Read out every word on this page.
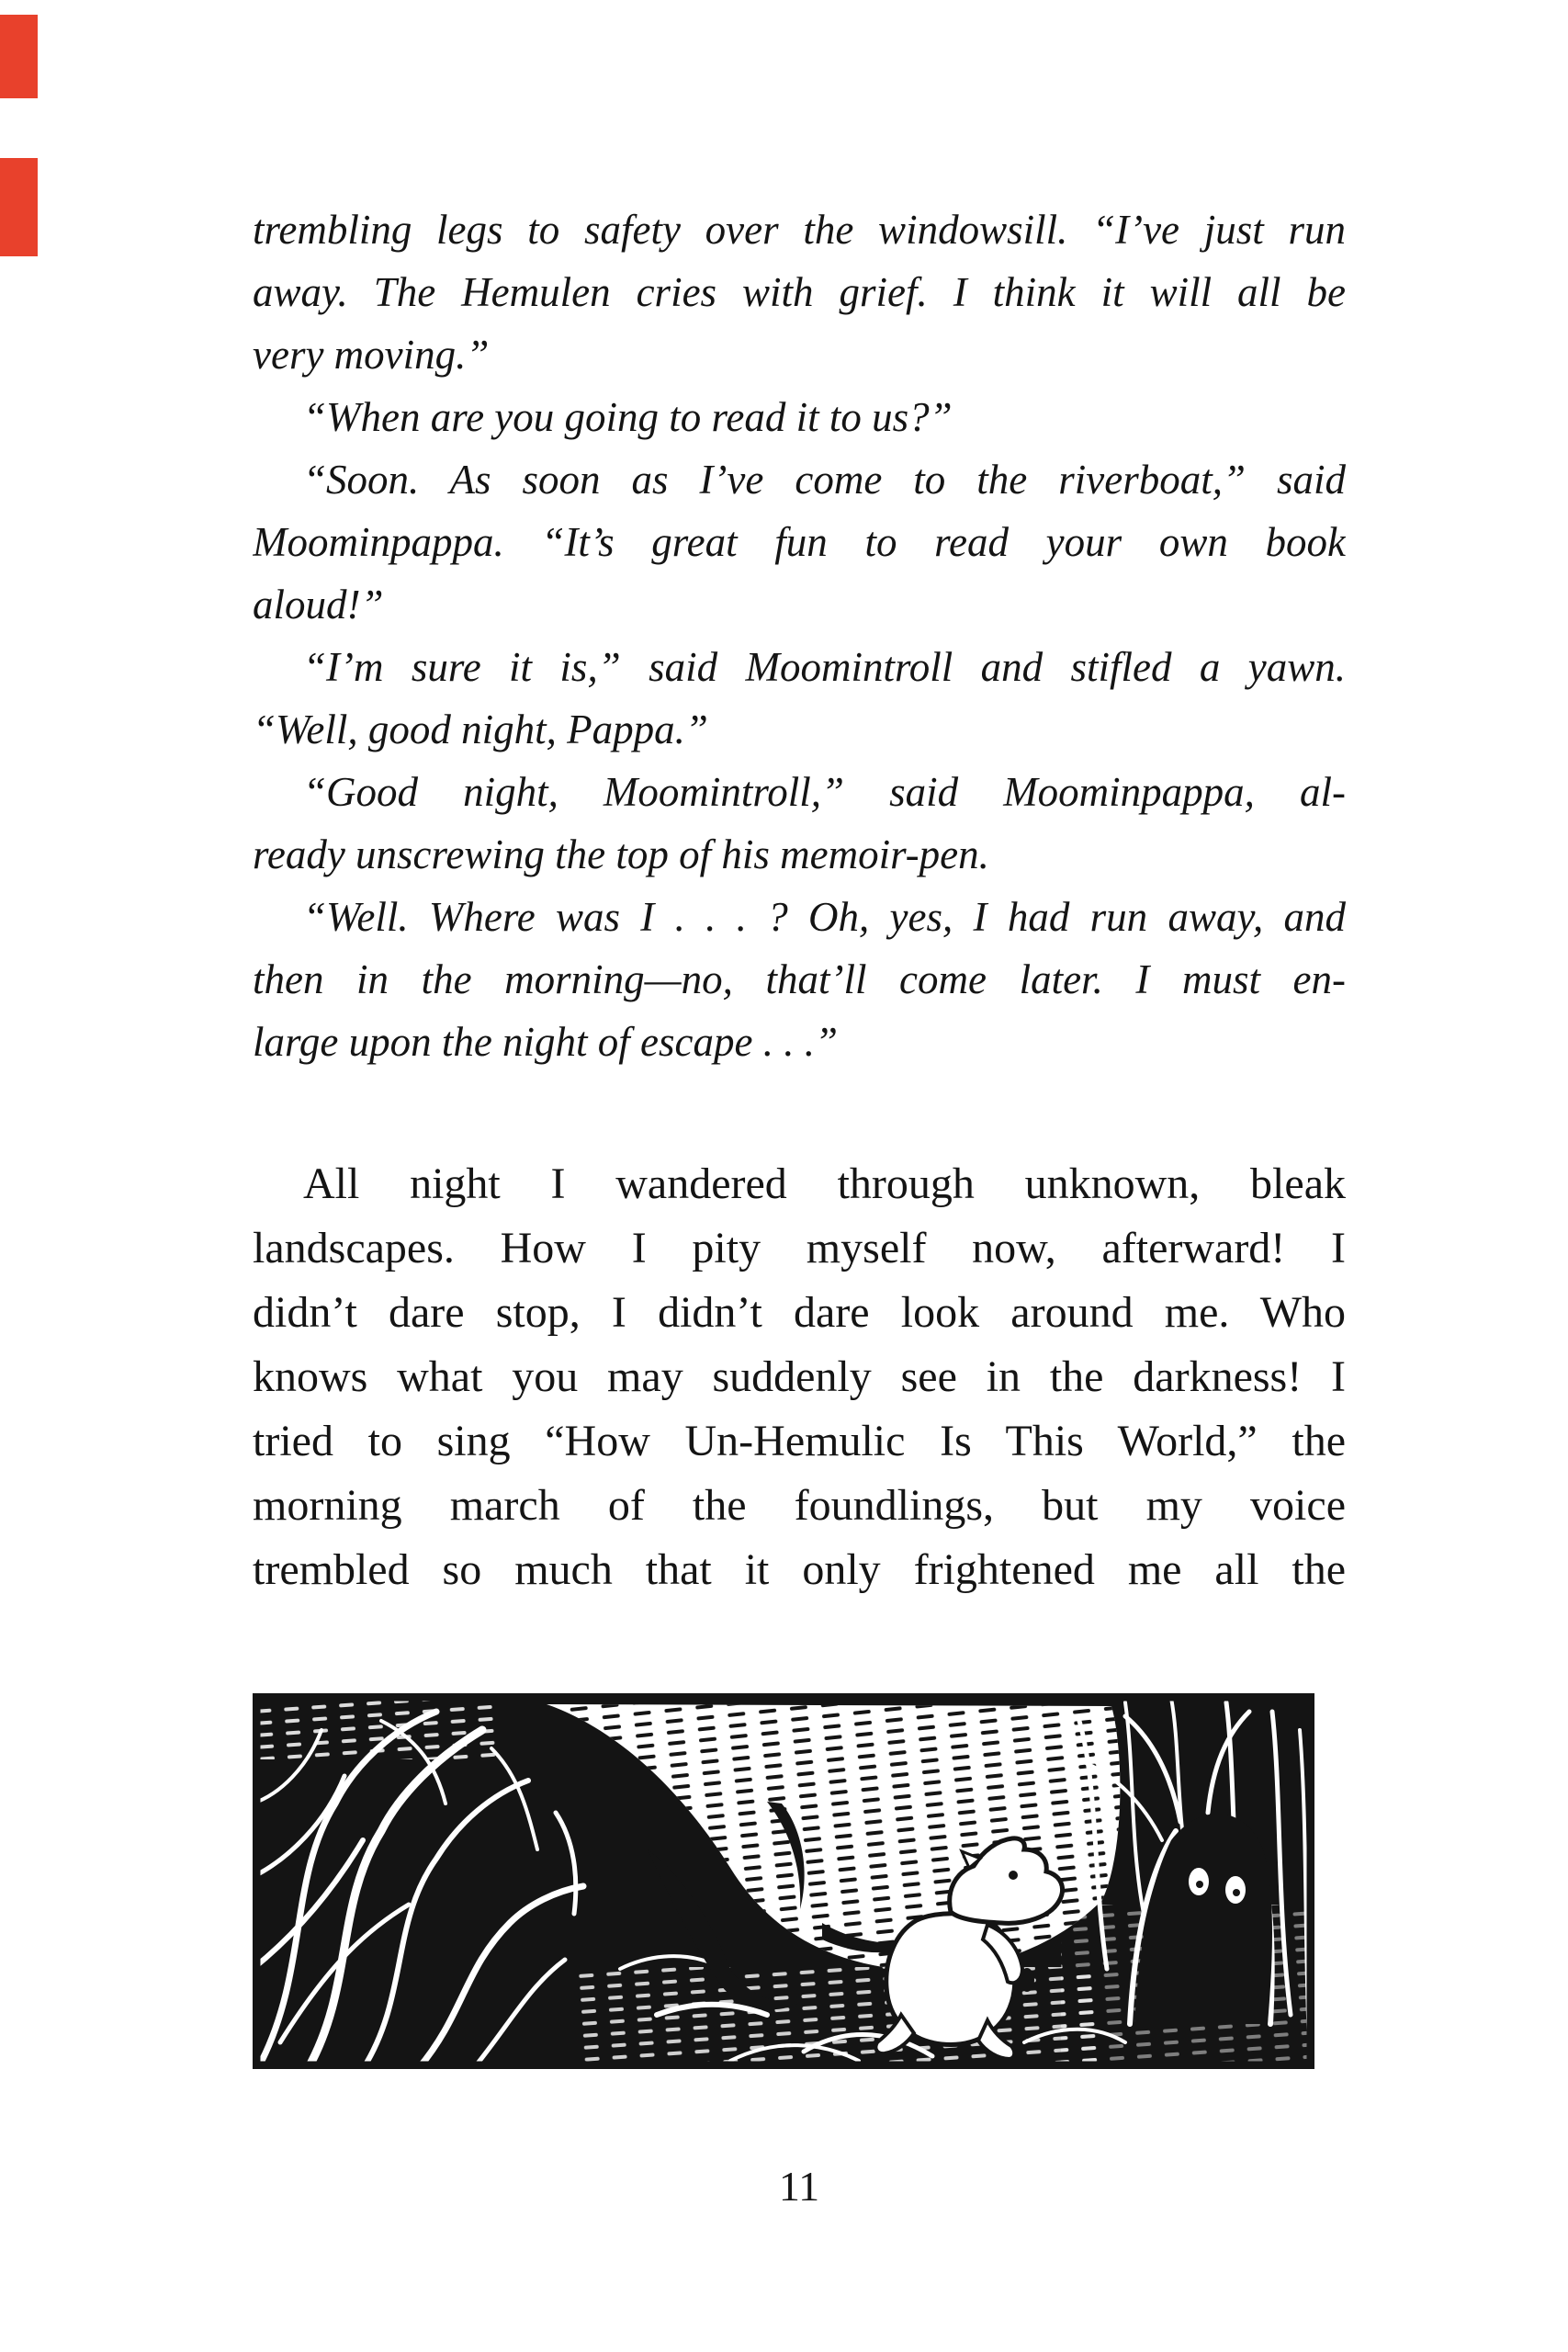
trembling legs to safety over the windowsill. “I’ve just run
away. The Hemulen cries with grief. I think it will all be
very moving.”
“When are you going to read it to us?”
“Soon. As soon as I’ve come to the riverboat,” said
Moominpappa. “It’s great fun to read your own book
aloud!”
“I’m sure it is,” said Moomintroll and stifled a yawn.
“Well, good night, Pappa.”
“Good night, Moomintroll,” said Moominpappa, al-
ready unscrewing the top of his memoir-pen.
“Well. Where was I . . . ? Oh, yes, I had run away, and
then in the morning—no, that’ll come later. I must en-
large upon the night of escape . . .”
All night I wandered through unknown, bleak
landscapes. How I pity myself now, afterward! I
didn’t dare stop, I didn’t dare look around me. Who
knows what you may suddenly see in the darkness! I
tried to sing “How Un-Hemulic Is This World,” the
morning march of the foundlings, but my voice
trembled so much that it only frightened me all the
11
